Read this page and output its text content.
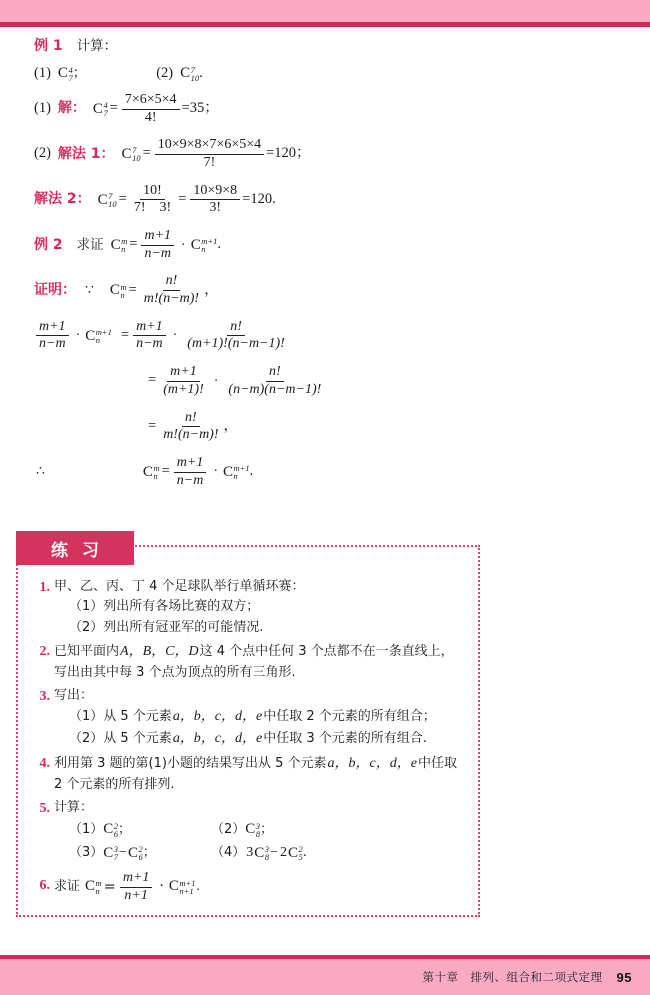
第十章　排列、组合和二项式定理 95
例 1 计算：
(1) C 4
7 ；	(2) C 7
10 .
(1) 解： C 4
$7 = \frac{7\times 6\times 5\times 4}{4!} =35$；
(2) 解法 1： C 7
$10 = \frac{10\times 9\times 8\times 7\times 6\times 5\times 4}{7!} =120$；
解法 2： C 7
$10 = \frac{10!}{7! 3!} = \frac{10\times 9\times 8}{3!} =120$.
例 2 求证 C m
$n = \frac{m+1}{n-m} \cdot C$ m+1
n .
证明： ∵ C m
$n = \frac{n!}{m!(n-m)!}$ ，
$\frac{m+1}{n-m} \cdot C$ m+1
n	= $\frac{m+1}{n-m} \cdot \frac{n!}{(m+1)!(n-m-1)!}$
= $\frac{m+1}{(m+1)!} \cdot \frac{n!}{(n-m)(n-m-1)!}$
= $\frac{n!}{m!(n-m)!}$ ，
∴	C m
$n = \frac{m+1}{n-m} \cdot C$ m+1
n .
练习
1. 甲、乙、丙、丁 4 个足球队举行单循环赛：
（1）列出所有各场比赛的双方；
（2）列出所有冠亚军的可能情况.
2. 已知平面内 A，B，C，D 这 4 个点中任何 3 个点都不在一条直线上，
写出由其中每 3 个点为顶点的所有三角形.
3. 写出：
（1）从 5 个元素 a，b，c，d，e 中任取 2 个元素的所有组合；
（2）从 5 个元素 a，b，c，d，e 中任取 3 个元素的所有组合.
4. 利用第 3 题的第(1)小题的结果写出从 5 个元素 a，b，c，d，e 中任取
2 个元素的所有排列.
5. 计算：
（1） C 2
6 ；	（2） C 3
8 ；
（3） C 3
7 − C 2
6 ；	（4） 3 C 3
8 − 2 C 2
5 .
6. 求证 C m
$n = \frac{m+1}{n+1} \cdot C$ m+1
n+1 .
